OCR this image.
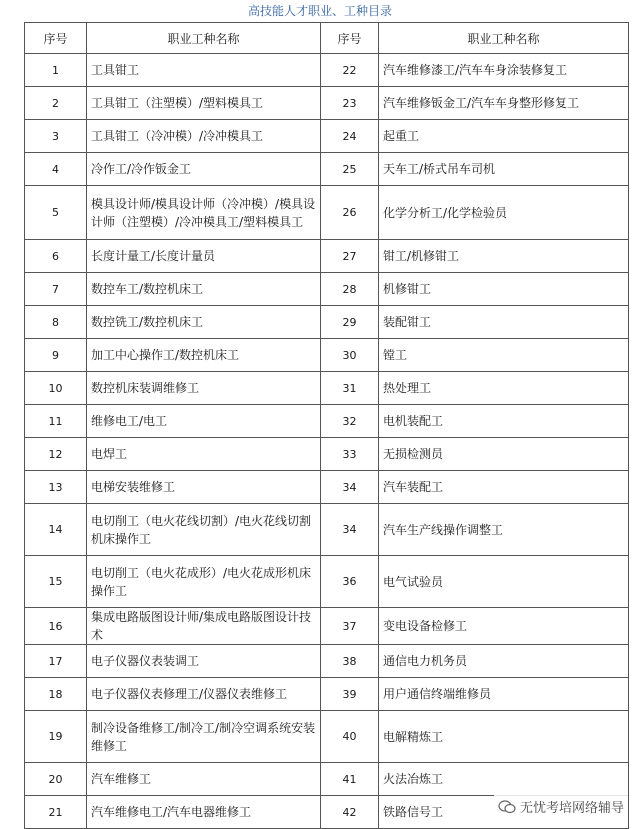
高技能人才职业、工种目录
序号	职业工种名称	序号	职业工种名称
1	工具钳工	22	汽车维修漆工/汽车车身涂装修复工
2	工具钳工（注塑模）/塑料模具工	23	汽车维修钣金工/汽车车身整形修复工
3	工具钳工（冷冲模）/冷冲模具工	24	起重工
4	冷作工/冷作钣金工	25	天车工/桥式吊车司机
5	模具设计师/模具设计师（冷冲模）/模具设计师（注塑模）/冷冲模具工/塑料模具工	26	化学分析工/化学检验员
6	长度计量工/长度计量员	27	钳工/机修钳工
7	数控车工/数控机床工	28	机修钳工
8	数控铣工/数控机床工	29	装配钳工
9	加工中心操作工/数控机床工	30	镗工
10	数控机床装调维修工	31	热处理工
11	维修电工/电工	32	电机装配工
12	电焊工	33	无损检测员
13	电梯安装维修工	34	汽车装配工
14	电切削工（电火花线切割）/电火花线切割机床操作工	34	汽车生产线操作调整工
15	电切削工（电火花成形）/电火花成形机床操作工	36	电气试验员
16	集成电路版图设计师/集成电路版图设计技术	37	变电设备检修工
17	电子仪器仪表装调工	38	通信电力机务员
18	电子仪器仪表修理工/仪器仪表维修工	39	用户通信终端维修员
19	制冷设备维修工/制冷工/制冷空调系统安装维修工	40	电解精炼工
20	汽车维修工	41	火法冶炼工
21	汽车维修电工/汽车电器维修工	42	铁路信号工	无忧考培网络辅导
